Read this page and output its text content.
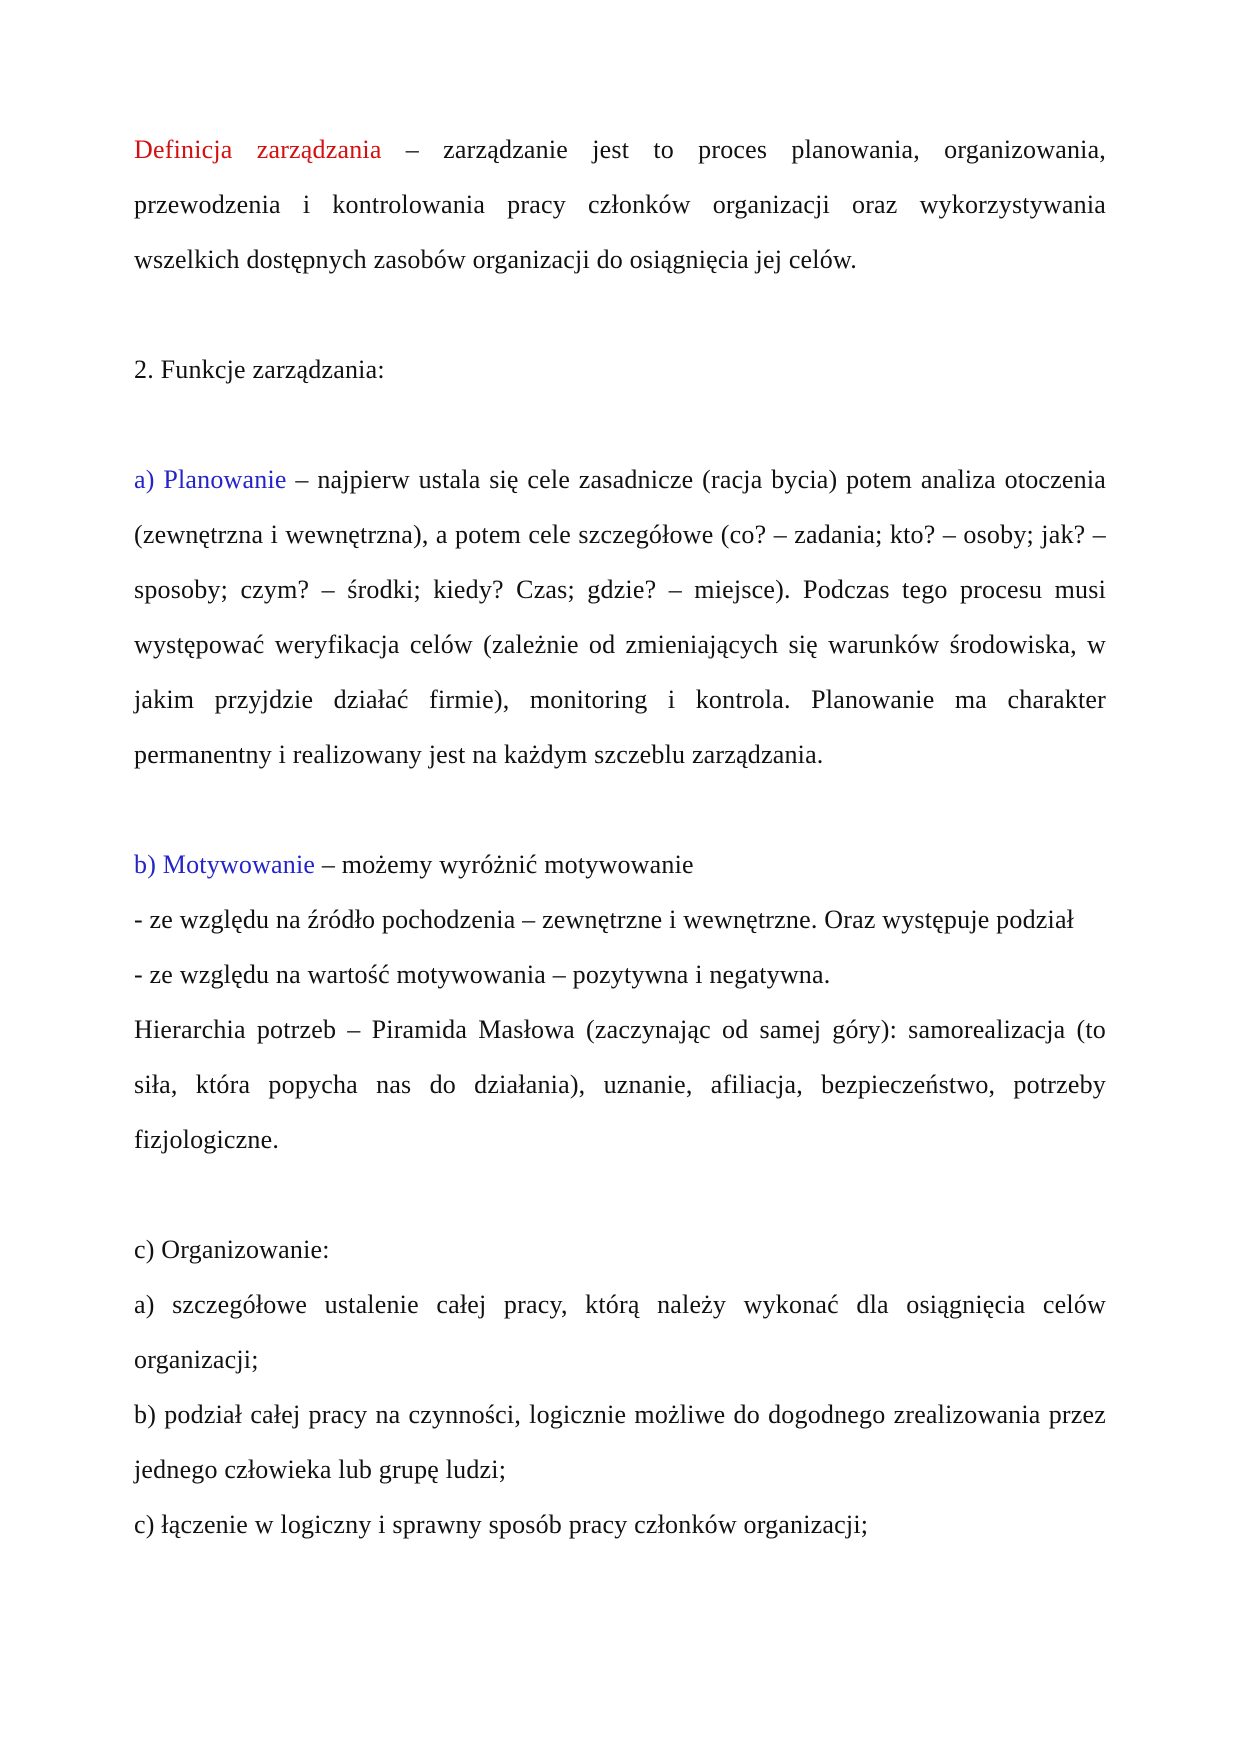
Definicja zarządzania – zarządzanie jest to proces planowania, organizowania, przewodzenia i kontrolowania pracy członków organizacji oraz wykorzystywania wszelkich dostępnych zasobów organizacji do osiągnięcia jej celów.

2. Funkcje zarządzania:

a) Planowanie – najpierw ustala się cele zasadnicze (racja bycia) potem analiza otoczenia (zewnętrzna i wewnętrzna), a potem cele szczegółowe (co? – zadania; kto? – osoby; jak? – sposoby; czym? – środki; kiedy? Czas; gdzie? – miejsce). Podczas tego procesu musi występować weryfikacja celów (zależnie od zmieniających się warunków środowiska, w jakim przyjdzie działać firmie), monitoring i kontrola. Planowanie ma charakter permanentny i realizowany jest na każdym szczeblu zarządzania.

b) Motywowanie – możemy wyróżnić motywowanie

- ze względu na źródło pochodzenia – zewnętrzne i wewnętrzne. Oraz występuje podział

- ze względu na wartość motywowania – pozytywna i negatywna.

Hierarchia potrzeb – Piramida Masłowa (zaczynając od samej góry): samorealizacja (to siła, która popycha nas do działania), uznanie, afiliacja, bezpieczeństwo, potrzeby fizjologiczne.

c) Organizowanie:

a) szczegółowe ustalenie całej pracy, którą należy wykonać dla osiągnięcia celów organizacji;

b) podział całej pracy na czynności, logicznie możliwe do dogodnego zrealizowania przez jednego człowieka lub grupę ludzi;

c) łączenie w logiczny i sprawny sposób pracy członków organizacji;
